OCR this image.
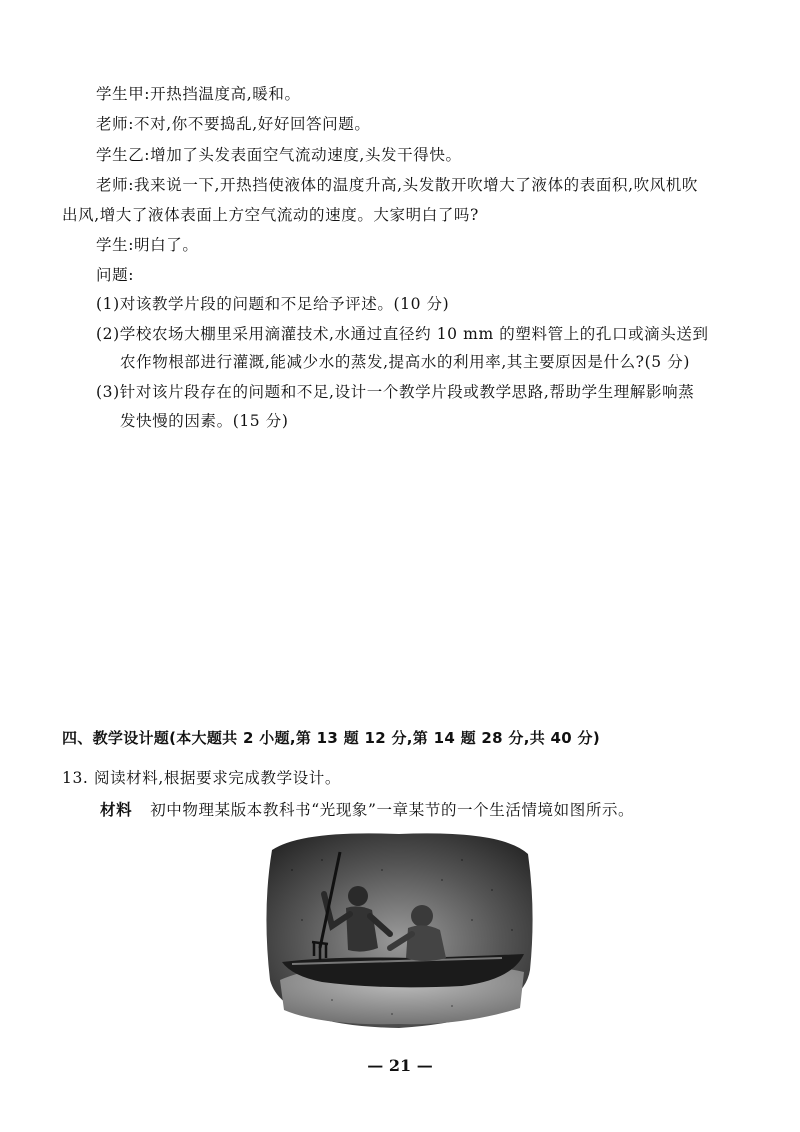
学生甲:开热挡温度高,暖和。
老师:不对,你不要捣乱,好好回答问题。
学生乙:增加了头发表面空气流动速度,头发干得快。
老师:我来说一下,开热挡使液体的温度升高,头发散开吹增大了液体的表面积,吹风机吹
出风,增大了液体表面上方空气流动的速度。大家明白了吗?
学生:明白了。
问题:
(1)对该教学片段的问题和不足给予评述。(10 分)
(2)学校农场大棚里采用滴灌技术,水通过直径约 10 mm 的塑料管上的孔口或滴头送到
农作物根部进行灌溉,能减少水的蒸发,提高水的利用率,其主要原因是什么?(5 分)
(3)针对该片段存在的问题和不足,设计一个教学片段或教学思路,帮助学生理解影响蒸
发快慢的因素。(15 分)
四、教学设计题(本大题共 2 小题,第 13 题 12 分,第 14 题 28 分,共 40 分)
13. 阅读材料,根据要求完成教学设计。
材料 初中物理某版本教科书“光现象”一章某节的一个生活情境如图所示。
— 21 —
